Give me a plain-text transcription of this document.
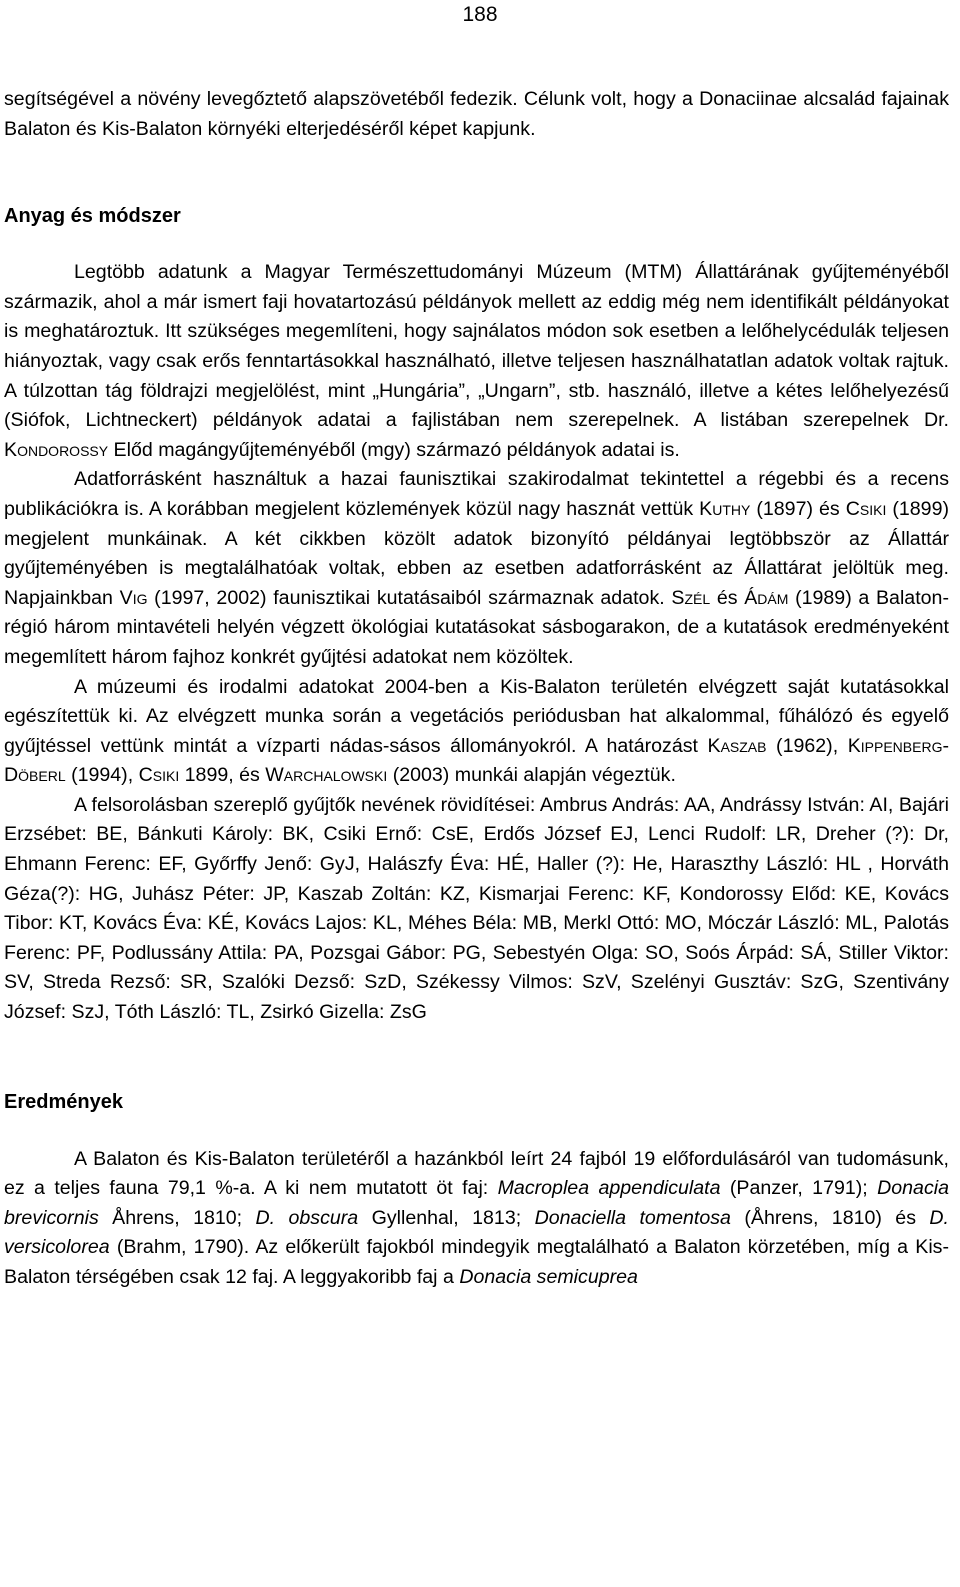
188

segítségével a növény levegőztető alapszövetéből fedezik. Célunk volt, hogy a Donaciinae alcsalád fajainak Balaton és Kis-Balaton környéki elterjedéséről képet kapjunk.

Anyag és módszer

Legtöbb adatunk a Magyar Természettudományi Múzeum (MTM) Állattárának gyűjteményéből származik, ahol a már ismert faji hovatartozású példányok mellett az eddig még nem identifikált példányokat is meghatároztuk. Itt szükséges megemlíteni, hogy sajnálatos módon sok esetben a lelőhelycédulák teljesen hiányoztak, vagy csak erős fenntartásokkal használható, illetve teljesen használhatatlan adatok voltak rajtuk. A túlzottan tág földrajzi megjelölést, mint „Hungária”, „Ungarn”, stb. használó, illetve a kétes lelőhelyezésű (Siófok, Lichtneckert) példányok adatai a fajlistában nem szerepelnek. A listában szerepelnek Dr. Kondorossy Előd magángyűjteményéből (mgy) származó példányok adatai is.

Adatforrásként használtuk a hazai faunisztikai szakirodalmat tekintettel a régebbi és a recens publikációkra is. A korábban megjelent közlemények közül nagy hasznát vettük Kuthy (1897) és Csiki (1899) megjelent munkáinak. A két cikkben közölt adatok bizonyító példányai legtöbbször az Állattár gyűjteményében is megtalálhatóak voltak, ebben az esetben adatforrásként az Állattárat jelöltük meg. Napjainkban Vig (1997, 2002) faunisztikai kutatásaiból származnak adatok. Szél és Ádám (1989) a Balaton-régió három mintavételi helyén végzett ökológiai kutatásokat sásbogarakon, de a kutatások eredményeként megemlített három fajhoz konkrét gyűjtési adatokat nem közöltek.

A múzeumi és irodalmi adatokat 2004-ben a Kis-Balaton területén elvégzett saját kutatásokkal egészítettük ki. Az elvégzett munka során a vegetációs periódusban hat alkalommal, fűhálózó és egyelő gyűjtéssel vettünk mintát a vízparti nádas-sásos állományokról. A határozást Kaszab (1962), Kippenberg-Döberl (1994), Csiki 1899, és Warchalowski (2003) munkái alapján végeztük.

A felsorolásban szereplő gyűjtők nevének rövidítései: Ambrus András: AA, Andrássy István: AI, Bajári Erzsébet: BE, Bánkuti Károly: BK, Csiki Ernő: CsE, Erdős József EJ, Lenci Rudolf: LR, Dreher (?): Dr, Ehmann Ferenc: EF, Győrffy Jenő: GyJ, Halászfy Éva: HÉ, Haller (?): He, Haraszthy László: HL , Horváth Géza(?): HG, Juhász Péter: JP, Kaszab Zoltán: KZ, Kismarjai Ferenc: KF, Kondorossy Előd: KE, Kovács Tibor: KT, Kovács Éva: KÉ, Kovács Lajos: KL, Méhes Béla: MB, Merkl Ottó: MO, Móczár László: ML, Palotás Ferenc: PF, Podlussány Attila: PA, Pozsgai Gábor: PG, Sebestyén Olga: SO, Soós Árpád: SÁ, Stiller Viktor: SV, Streda Rezső: SR, Szalóki Dezső: SzD, Székessy Vilmos: SzV, Szelényi Gusztáv: SzG, Szentivány József: SzJ, Tóth László: TL, Zsirkó Gizella: ZsG

Eredmények

A Balaton és Kis-Balaton területéről a hazánkból leírt 24 fajból 19 előfordulásáról van tudomásunk, ez a teljes fauna 79,1 %-a. A ki nem mutatott öt faj: Macroplea appendiculata (Panzer, 1791); Donacia brevicornis Åhrens, 1810; D. obscura Gyllenhal, 1813; Donaciella tomentosa (Åhrens, 1810) és D. versicolorea (Brahm, 1790). Az előkerült fajokból mindegyik megtalálható a Balaton körzetében, míg a Kis-Balaton térségében csak 12 faj. A leggyakoribb faj a Donacia semicuprea
